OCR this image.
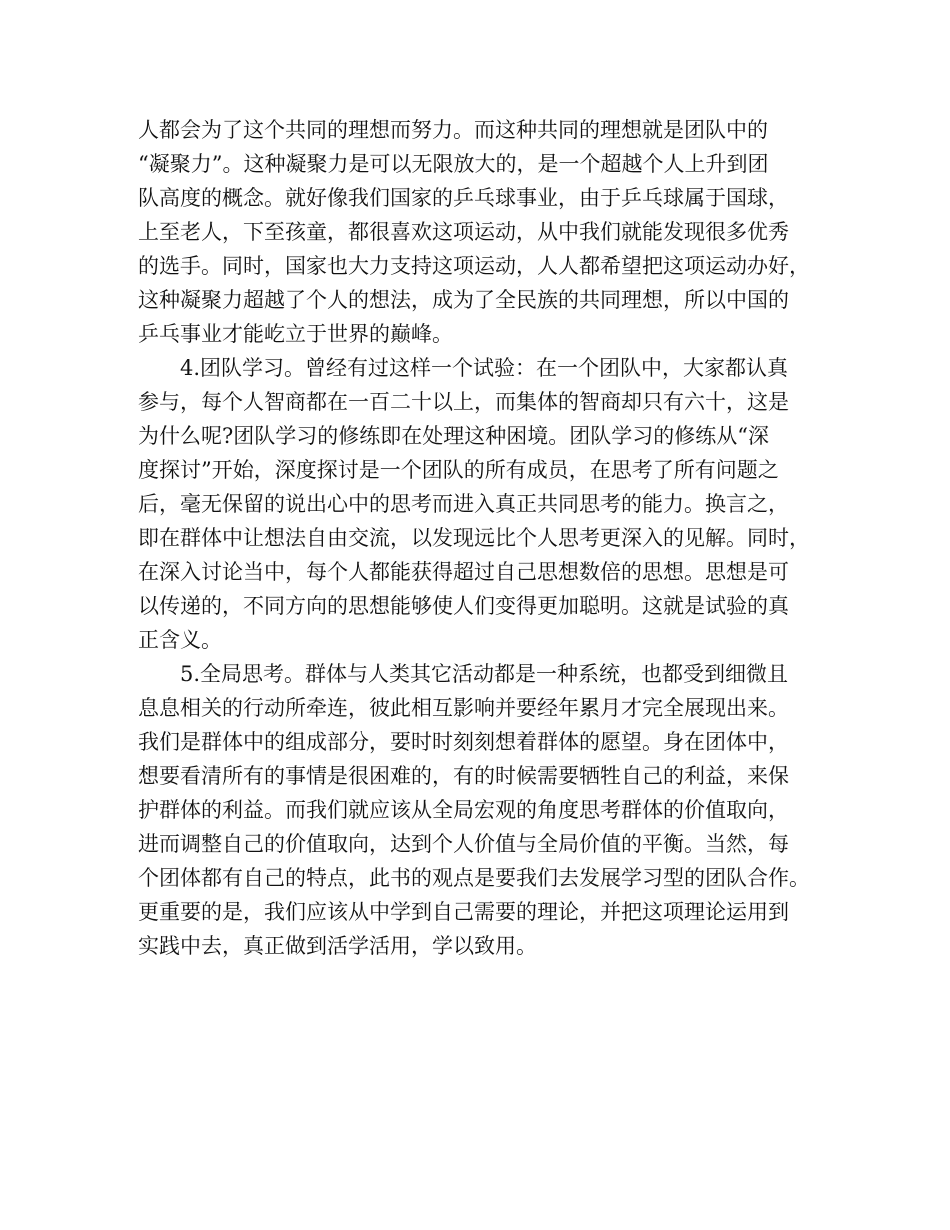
人都会为了这个共同的理想而努力。而这种共同的理想就是团队中的
“凝聚力”。这种凝聚力是可以无限放大的，是一个超越个人上升到团
队高度的概念。就好像我们国家的乒乓球事业，由于乒乓球属于国球，
上至老人，下至孩童，都很喜欢这项运动，从中我们就能发现很多优秀
的选手。同时，国家也大力支持这项运动，人人都希望把这项运动办好，
这种凝聚力超越了个人的想法，成为了全民族的共同理想，所以中国的
乒乓事业才能屹立于世界的巅峰。
4.团队学习。曾经有过这样一个试验：在一个团队中，大家都认真
参与，每个人智商都在一百二十以上，而集体的智商却只有六十，这是
为什么呢?团队学习的修练即在处理这种困境。团队学习的修练从“深
度探讨”开始，深度探讨是一个团队的所有成员，在思考了所有问题之
后，毫无保留的说出心中的思考而进入真正共同思考的能力。换言之，
即在群体中让想法自由交流，以发现远比个人思考更深入的见解。同时，
在深入讨论当中，每个人都能获得超过自己思想数倍的思想。思想是可
以传递的，不同方向的思想能够使人们变得更加聪明。这就是试验的真
正含义。
5.全局思考。群体与人类其它活动都是一种系统，也都受到细微且
息息相关的行动所牵连，彼此相互影响并要经年累月才完全展现出来。
我们是群体中的组成部分，要时时刻刻想着群体的愿望。身在团体中，
想要看清所有的事情是很困难的，有的时候需要牺牲自己的利益，来保
护群体的利益。而我们就应该从全局宏观的角度思考群体的价值取向，
进而调整自己的价值取向，达到个人价值与全局价值的平衡。当然，每
个团体都有自己的特点，此书的观点是要我们去发展学习型的团队合作。
更重要的是，我们应该从中学到自己需要的理论，并把这项理论运用到
实践中去，真正做到活学活用，学以致用。
